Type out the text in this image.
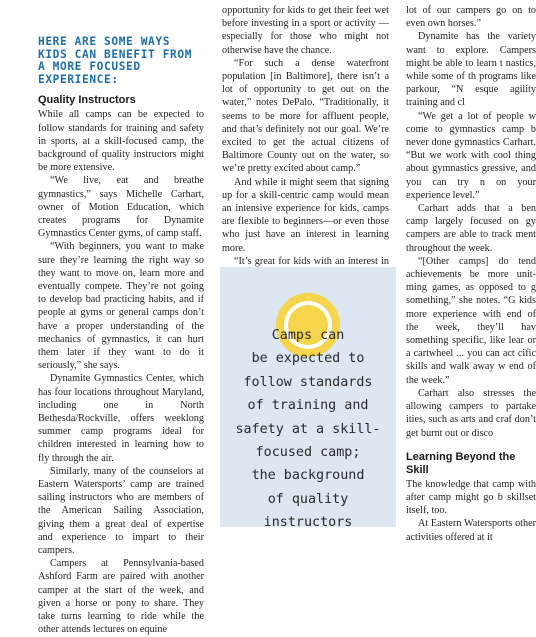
HERE ARE SOME WAYS KIDS CAN BENEFIT FROM A MORE FOCUSED EXPERIENCE:
Quality Instructors

While all camps can be expected to follow standards for training and safety in sports, at a skill-focused camp, the background of quality instructors might be more extensive.

“We live, eat and breathe gymnastics,” says Michelle Carhart, owner of Motion Education, which creates programs for Dynamite Gymnastics Center gyms, of camp staff.

“With beginners, you want to make sure they’re learning the right way so they want to move on, learn more and eventually compete. They’re not going to develop bad practicing habits, and if people at gyms or general camps don’t have a proper understanding of the mechanics of gymnastics, it can hurt them later if they want to do it seriously,” she says.

Dynamite Gymnastics Center, which has four locations throughout Maryland, including one in North Bethesda/Rockville, offers weeklong summer camp programs ideal for children interested in learning how to fly through the air.

Similarly, many of the counselors at Eastern Watersports’ camp are trained sailing instructors who are members of the American Sailing Association, giving them a great deal of expertise and experience to impart to their campers.

Campers at Pennsylvania-based Ashford Farm are paired with another camper at the start of the week, and given a horse or pony to share. They take turns learning to ride while the other attends lectures on equine

opportunity for kids to get their feet wet before investing in a sport or activity — especially for those who might not otherwise have the chance.

“For such a dense waterfront population [in Baltimore], there isn’t a lot of opportunity to get out on the water,” notes DePalo. “Traditionally, it seems to be more for affluent people, and that’s definitely not our goal. We’re excited to get the actual citizens of Baltimore County out on the water, so we’re pretty excited about camp.”

And while it might seem that signing up for a skill-centric camp would mean an intensive experience for kids, camps are flexible to beginners—or even those who just have an interest in learning more.

“It’s great for kids with an interest in

Camps can
be expected to
follow standards
of training and
safety at a skill-
focused camp;
the background
of quality
instructors

lot of our campers go on to even own horses.”

Dynamite has the variety want to explore. Campers might be able to learn t nastics, while some of th programs like parkour, “N esque agility training and cl

“We get a lot of people w come to gymnastics camp b never done gymnastics Carhart. “But we work with cool thing about gymnastics gressive, and you can try n on your experience level.”

Carhart adds that a ben camp largely focused on gy campers are able to track ment throughout the week.

“[Other camps] do tend achievements be more unit- ming games, as opposed to g something,” she notes. “G kids more experience with end of the week, they’ll hav something specific, like lear or a cartwheel ... you can act cific skills and walk away w end of the week.”

Carhart also stresses the allowing campers to partake ities, such as arts and craf don’t get burnt out or disco

Learning Beyond the Skill

The knowledge that camp with after camp might go b skillset itself, too.

At Eastern Watersports other activities offered at it
